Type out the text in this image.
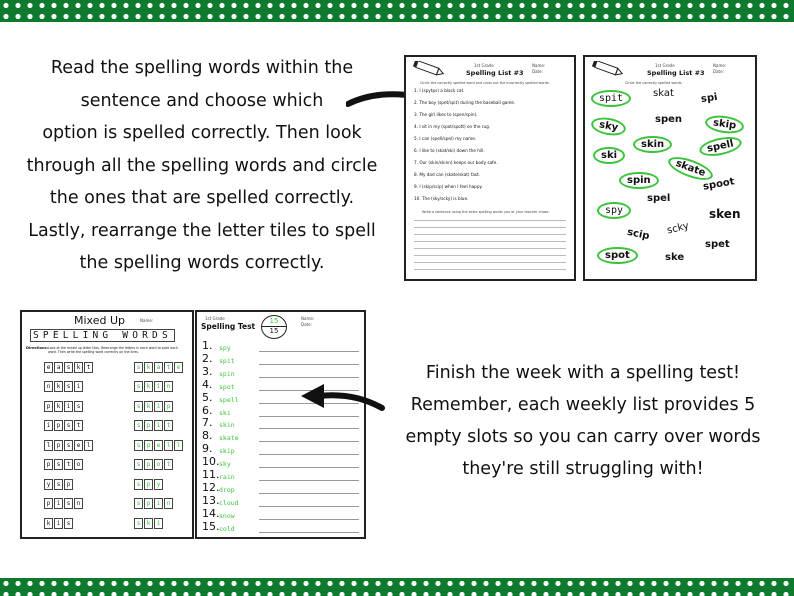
Read the spelling words within the
sentence and choose which
option is spelled correctly. Then look
through all the spelling words and circle
the ones that are spelled correctly.
Lastly, rearrange the letter tiles to spell
the spelling words correctly.
1st Grade
Spelling List #3
Name:
Date:
Circle the correctly spelled word and cross out the incorrectly spelled words.
1. I (spytps) a black cat.
2. The boy (spet/spit) during the baseball game.
3. The girl likes to (spen/spin).
4. I sit in my (spot/spott) on the rug.
5. I can (spell/spel) my name.
6. I like to (skat/ski) down the hill.
7. Our (skin/skinn) keeps our body safe.
8. My dad can (skate/skat) fast.
9. I (skip/scip) when I feel happy.
10. The (sky/scky) is blue.
Write a sentence using the extra spelling words you or your teacher chose.
1st Grade
Spelling List #3
Name:
Date:
Circle the correctly spelled words.
spit	skat	spi
sky	spen	skip
ski
skin	spell
skate
spin	spoot
spy
spel
sken
scip scky
spet
spot	ske
Mixed Up	Name:
SPELLING WORDS
Directions: Look at the mixed up letter tiles. Rearrange the letters in each word to spell each word. Then write the spelling word correctly on the lines.
e a s k t	s k a t e
n k s i	s k i n
p k i s	s k i p
i p s t	s p i t
l p s e l	s p e l l
p s t o	s p o t
y s p	s p y
p i s n	s p i n
k i s	s k i
1st Grade
Spelling Test
15
15
Name:
Date:
1.	spy
2.	spit
3.	spin
4.	spot
5.	spell
6.	ski
7.	skin
8.	skate
9.	skip
10. sky
11. rain
12. drop
13. cloud
14. snow
15. cold
Finish the week with a spelling test!
Remember, each weekly list provides 5
empty slots so you can carry over words
they're still struggling with!
